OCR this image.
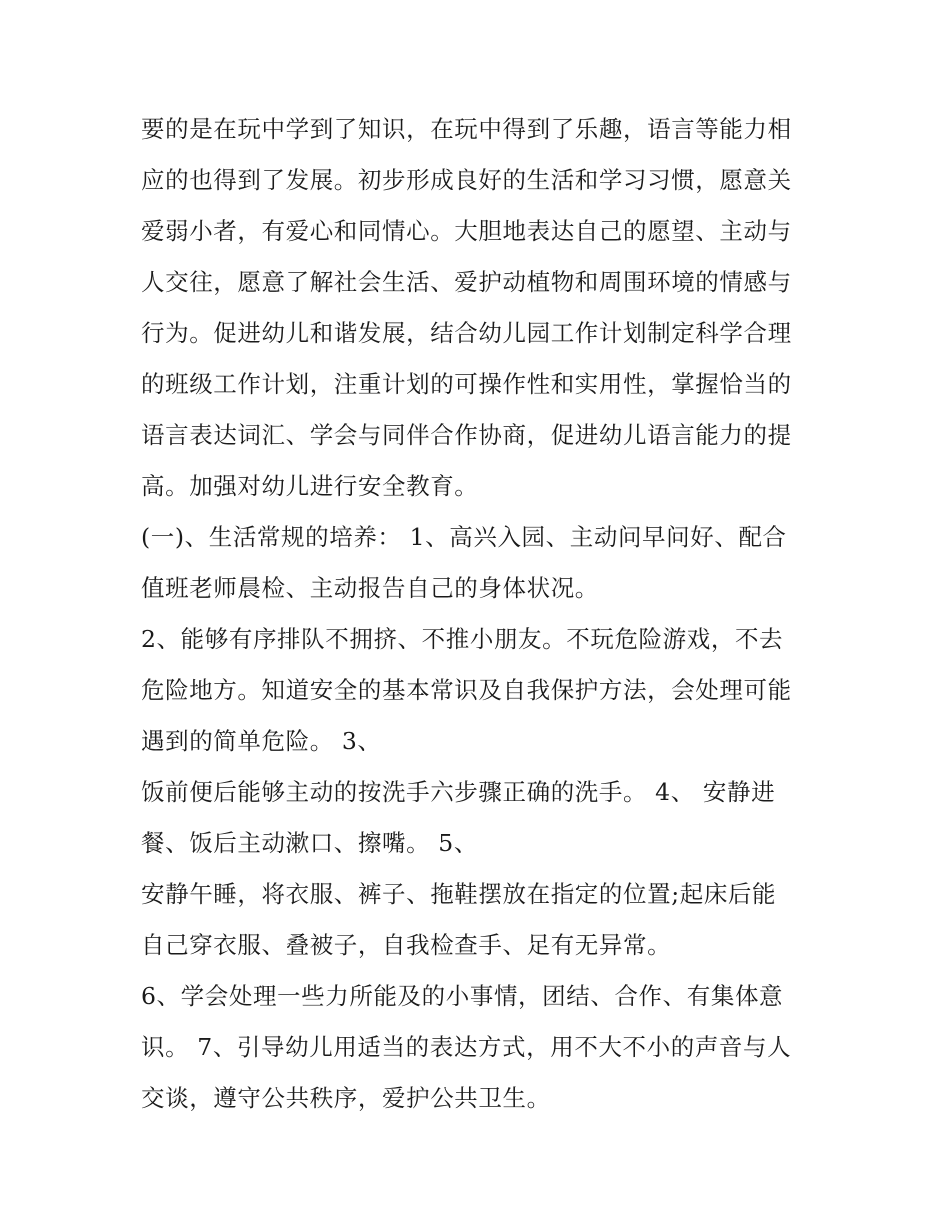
要的是在玩中学到了知识，在玩中得到了乐趣，语言等能力相
应的也得到了发展。初步形成良好的生活和学习习惯，愿意关
爱弱小者，有爱心和同情心。大胆地表达自己的愿望、主动与
人交往，愿意了解社会生活、爱护动植物和周围环境的情感与
行为。促进幼儿和谐发展，结合幼儿园工作计划制定科学合理
的班级工作计划，注重计划的可操作性和实用性，掌握恰当的
语言表达词汇、学会与同伴合作协商，促进幼儿语言能力的提
高。加强对幼儿进行安全教育。
(一)、生活常规的培养： 1、高兴入园、主动问早问好、配合
值班老师晨检、主动报告自己的身体状况。
2、能够有序排队不拥挤、不推小朋友。不玩危险游戏，不去
危险地方。知道安全的基本常识及自我保护方法，会处理可能
遇到的简单危险。 3、
饭前便后能够主动的按洗手六步骤正确的洗手。 4、 安静进
餐、饭后主动漱口、擦嘴。 5、
安静午睡，将衣服、裤子、拖鞋摆放在指定的位置;起床后能
自己穿衣服、叠被子，自我检查手、足有无异常。
6、学会处理一些力所能及的小事情，团结、合作、有集体意
识。 7、引导幼儿用适当的表达方式，用不大不小的声音与人
交谈，遵守公共秩序，爱护公共卫生。
